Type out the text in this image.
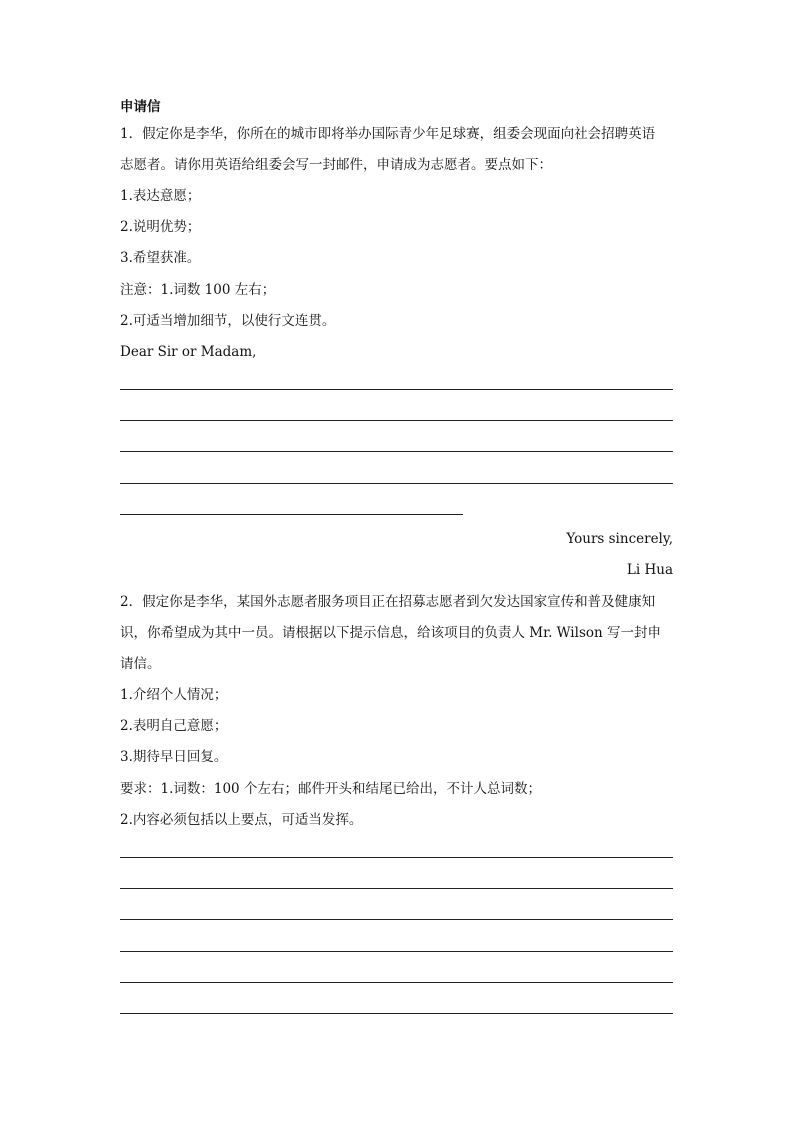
申请信
1．假定你是李华，你所在的城市即将举办国际青少年足球赛，组委会现面向社会招聘英语
志愿者。请你用英语给组委会写一封邮件，申请成为志愿者。要点如下：
1.表达意愿；
2.说明优势；
3.希望获准。
注意：1.词数 100 左右；
2.可适当增加细节，以使行文连贯。
Dear Sir or Madam,
Yours sincerely,
Li Hua
2．假定你是李华，某国外志愿者服务项目正在招募志愿者到欠发达国家宣传和普及健康知
识，你希望成为其中一员。请根据以下提示信息，给该项目的负责人 Mr. Wilson 写一封申
请信。
1.介绍个人情况；
2.表明自己意愿；
3.期待早日回复。
要求：1.词数：100 个左右；邮件开头和结尾已给出，不计人总词数；
2.内容必须包括以上要点，可适当发挥。
